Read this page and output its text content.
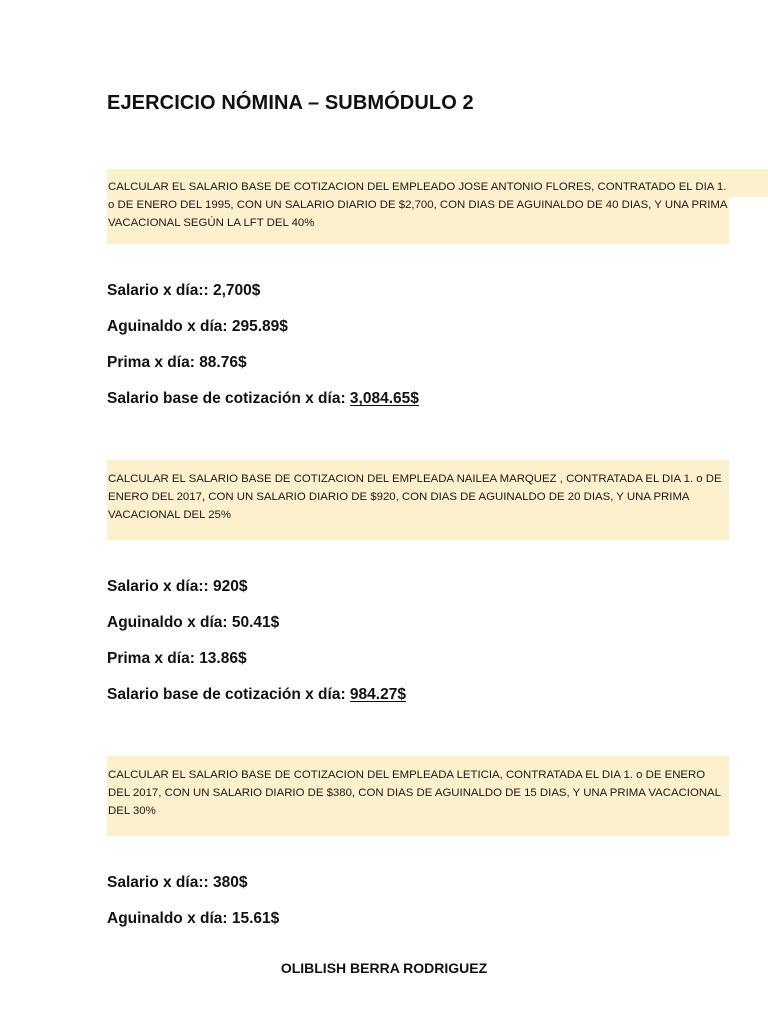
EJERCICIO NÓMINA – SUBMÓDULO 2
CALCULAR EL SALARIO BASE DE COTIZACION DEL EMPLEADO JOSE ANTONIO FLORES, CONTRATADO EL DIA 1. o DE ENERO DEL 1995, CON UN SALARIO DIARIO DE $2,700, CON DIAS DE AGUINALDO DE 40 DIAS, Y UNA PRIMA VACACIONAL SEGÚN LA LFT DEL 40%
Salario x día:: 2,700$
Aguinaldo x día: 295.89$
Prima x día: 88.76$
Salario base de cotización x día: 3,084.65$
CALCULAR EL SALARIO BASE DE COTIZACION DEL EMPLEADA NAILEA MARQUEZ , CONTRATADA EL DIA 1. o DE ENERO DEL 2017, CON UN SALARIO DIARIO DE $920, CON DIAS DE AGUINALDO DE 20 DIAS, Y UNA PRIMA VACACIONAL DEL 25%
Salario x día:: 920$
Aguinaldo x día: 50.41$
Prima x día: 13.86$
Salario base de cotización x día: 984.27$
CALCULAR EL SALARIO BASE DE COTIZACION DEL EMPLEADA LETICIA, CONTRATADA EL DIA 1. o DE ENERO DEL 2017, CON UN SALARIO DIARIO DE $380, CON DIAS DE AGUINALDO DE 15 DIAS, Y UNA PRIMA VACACIONAL DEL 30%
Salario x día:: 380$
Aguinaldo x día: 15.61$

OLIBLISH BERRA RODRIGUEZ
